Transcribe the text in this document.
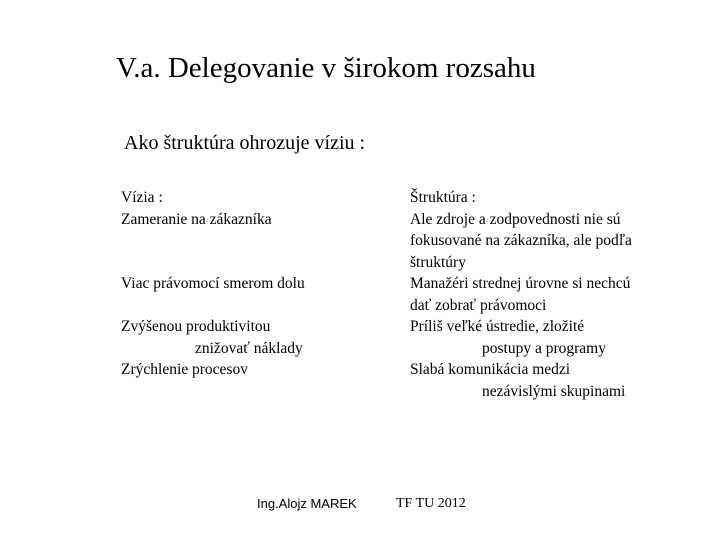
V.a. Delegovanie v širokom rozsahu
Ako štruktúra ohrozuje víziu :
Vízia :
Zameranie na zákazníka
Viac právomocí smerom dolu
Zvýšenou produktivitou
znižovať náklady
Zrýchlenie procesov
Štruktúra :
Ale zdroje a zodpovednosti nie sú
fokusované na zákazníka, ale podľa
štruktúry
Manažéri strednej úrovne si nechcú
dať zobrať právomoci
Príliš veľké ústredie, zložité
postupy a programy
Slabá komunikácia medzi
nezávislými skupinami
Ing.Alojz MAREK	TF TU 2012
